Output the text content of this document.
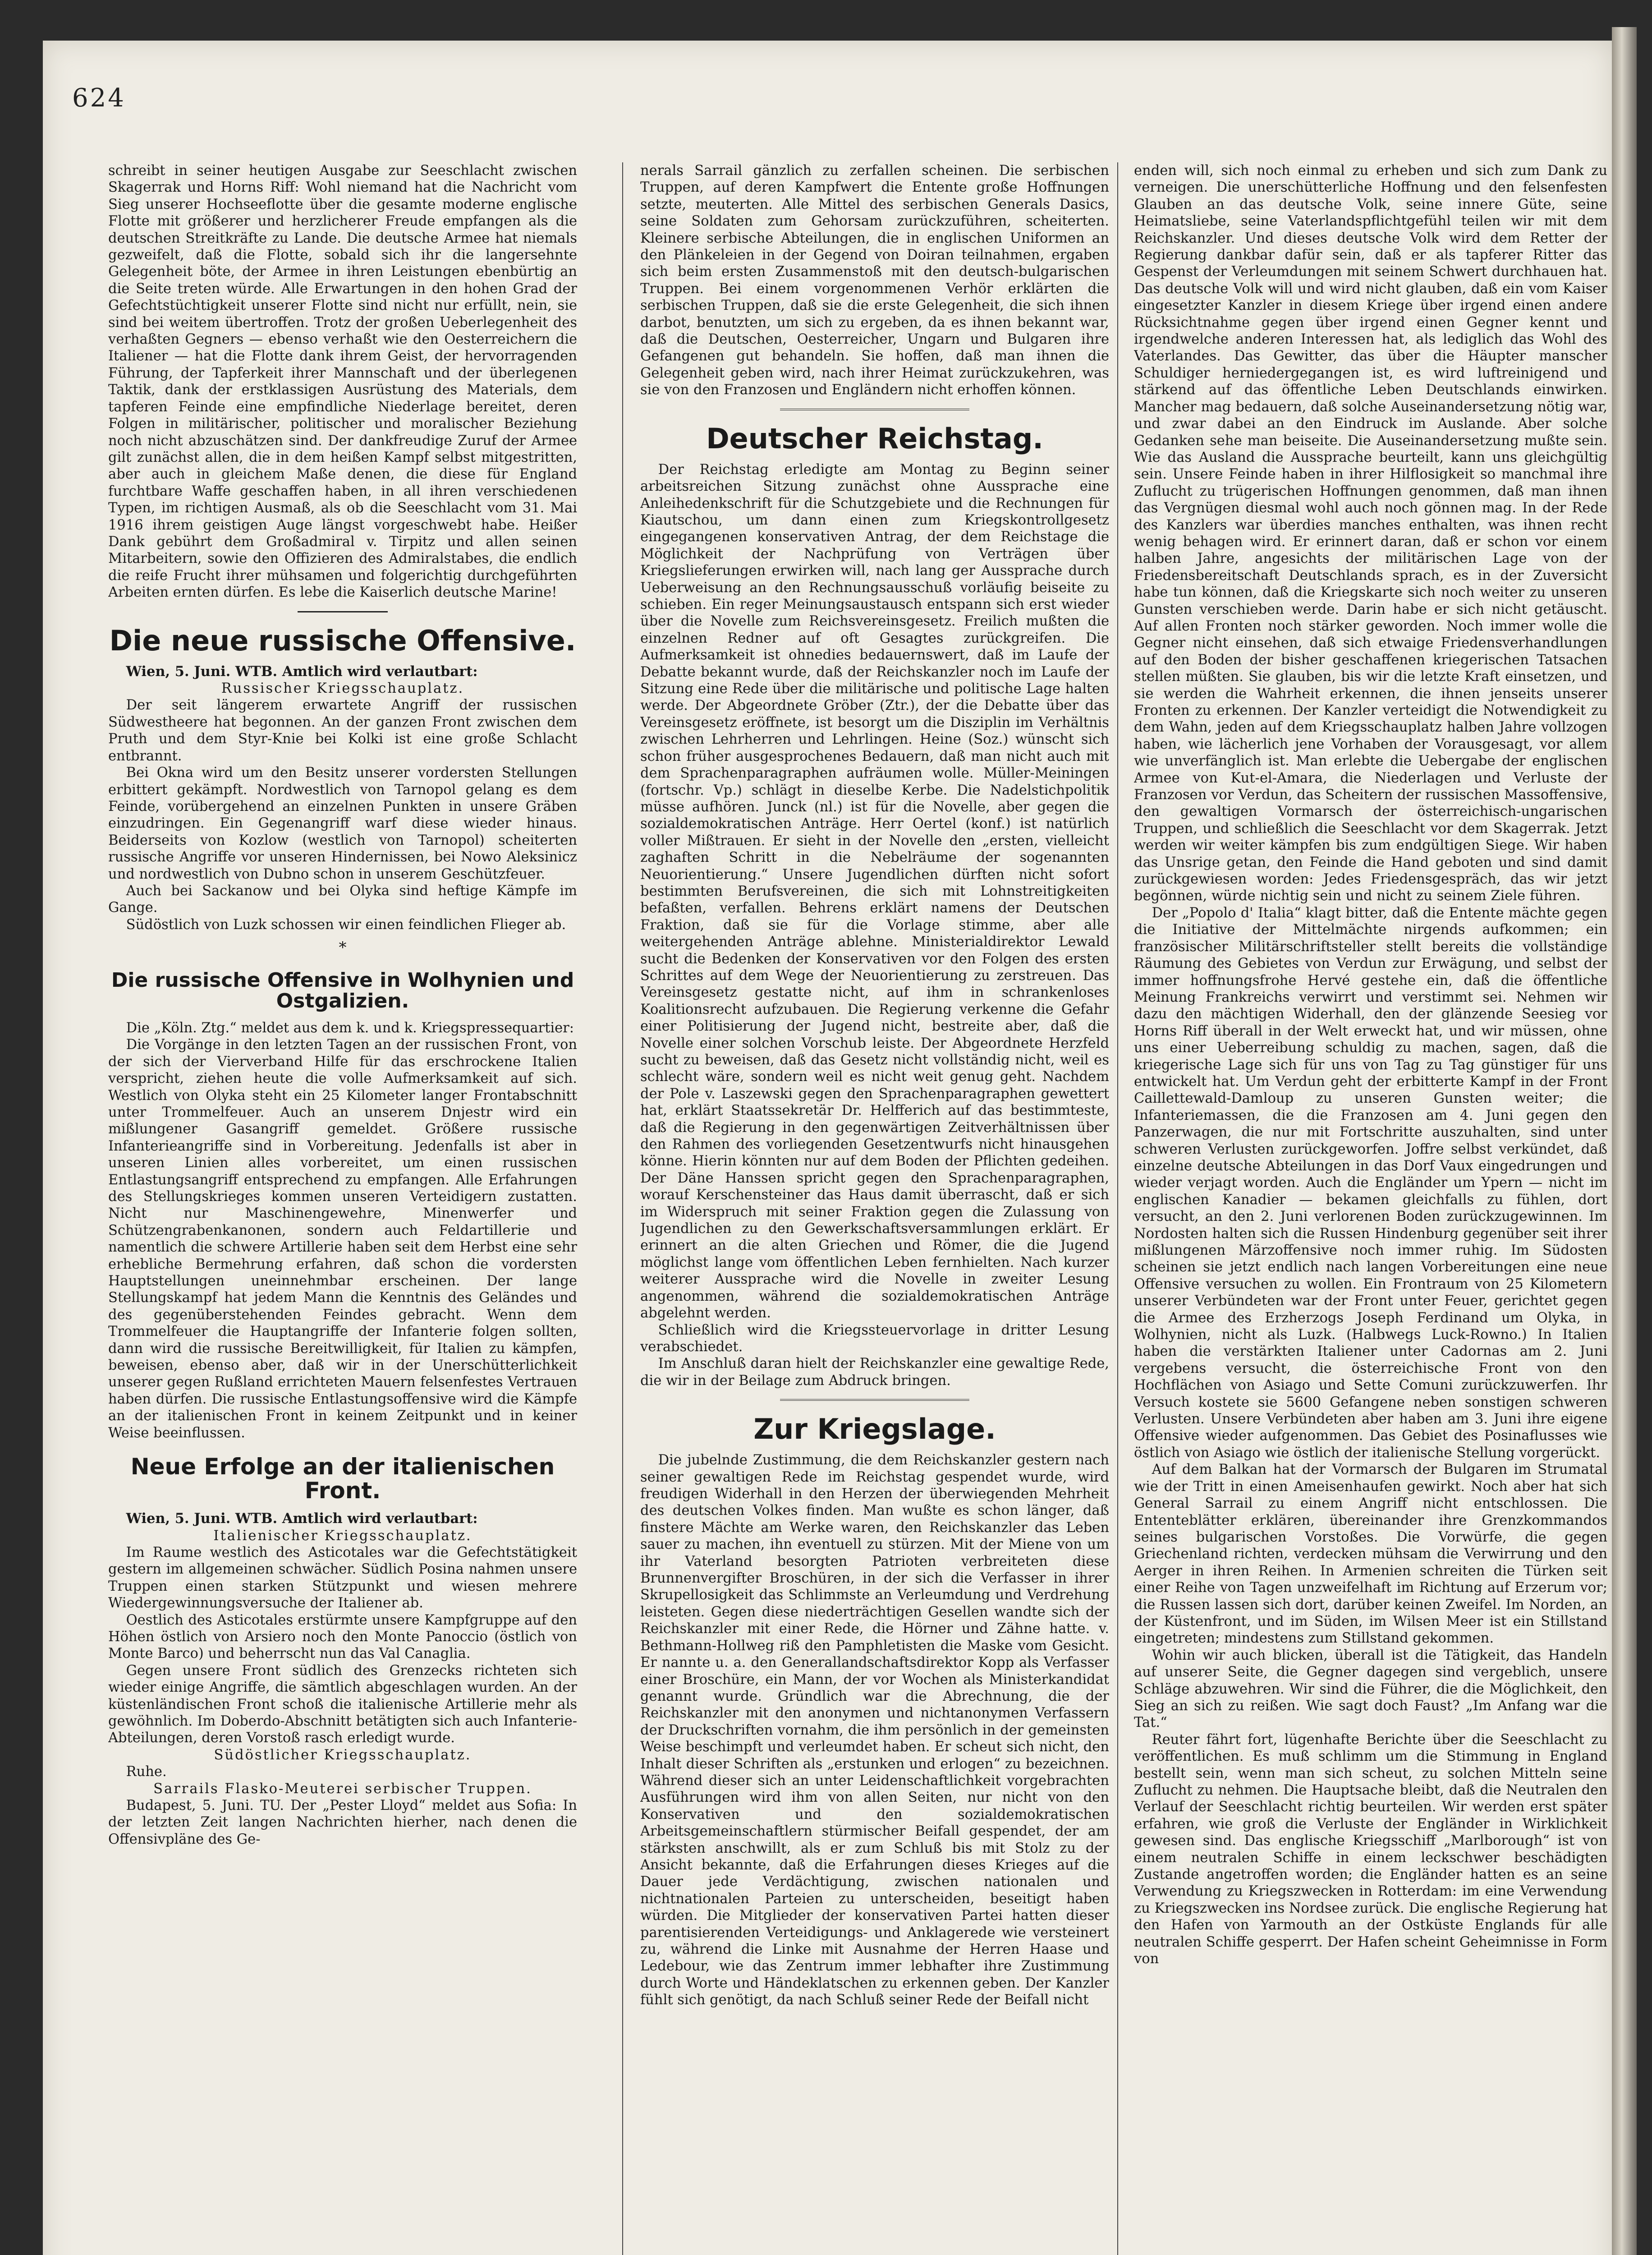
624

schreibt in seiner heutigen Ausgabe zur Seeschlacht zwischen Skagerrak und Horns Riff: Wohl niemand hat die Nachricht vom Sieg unserer Hochseeflotte über die gesamte moderne englische Flotte mit größerer und herzlicherer Freude empfangen als die deutschen Streitkräfte zu Lande. Die deutsche Armee hat niemals gezweifelt, daß die Flotte, sobald sich ihr die langersehnte Gelegenheit böte, der Armee in ihren Leistungen ebenbürtig an die Seite treten würde. Alle Erwartungen in den hohen Grad der Gefechtstüchtigkeit unserer Flotte sind nicht nur erfüllt, nein, sie sind bei weitem übertroffen. Trotz der großen Ueberlegenheit des verhaßten Gegners — ebenso verhaßt wie den Oesterreichern die Italiener — hat die Flotte dank ihrem Geist, der hervorragenden Führung, der Tapferkeit ihrer Mannschaft und der überlegenen Taktik, dank der erstklassigen Ausrüstung des Materials, dem tapferen Feinde eine empfindliche Niederlage bereitet, deren Folgen in militärischer, politischer und moralischer Beziehung noch nicht abzuschätzen sind. Der dankfreudige Zuruf der Armee gilt zunächst allen, die in dem heißen Kampf selbst mitgestritten, aber auch in gleichem Maße denen, die diese für England furchtbare Waffe geschaffen haben, in all ihren verschiedenen Typen, im richtigen Ausmaß, als ob die Seeschlacht vom 31. Mai 1916 ihrem geistigen Auge längst vorgeschwebt habe. Heißer Dank gebührt dem Großadmiral v. Tirpitz und allen seinen Mitarbeitern, sowie den Offizieren des Admiralstabes, die endlich die reife Frucht ihrer mühsamen und folgerichtig durchgeführten Arbeiten ernten dürfen. Es lebe die Kaiserlich deutsche Marine!

Die neue russische Offensive.

Wien, 5. Juni. WTB. Amtlich wird verlautbart:

Russischer Kriegsschauplatz.

Der seit längerem erwartete Angriff der russischen Südwestheere hat begonnen. An der ganzen Front zwischen dem Pruth und dem Styr-Knie bei Kolki ist eine große Schlacht entbrannt.

Bei Okna wird um den Besitz unserer vordersten Stellungen erbittert gekämpft. Nordwestlich von Tarnopol gelang es dem Feinde, vorübergehend an einzelnen Punkten in unsere Gräben einzudringen. Ein Gegenangriff warf diese wieder hinaus. Beiderseits von Kozlow (westlich von Tarnopol) scheiterten russische Angriffe vor unseren Hindernissen, bei Nowo Aleksinicz und nordwestlich von Dubno schon in unserem Geschützfeuer.

Auch bei Sackanow und bei Olyka sind heftige Kämpfe im Gange.

Südöstlich von Luzk schossen wir einen feindlichen Flieger ab.

*
Die russische Offensive in Wolhynien und Ostgalizien.

Die „Köln. Ztg.“ meldet aus dem k. und k. Kriegspressequartier:

Die Vorgänge in den letzten Tagen an der russischen Front, von der sich der Vierverband Hilfe für das erschrockene Italien verspricht, ziehen heute die volle Aufmerksamkeit auf sich. Westlich von Olyka steht ein 25 Kilometer langer Frontabschnitt unter Trommelfeuer. Auch an unserem Dnjestr wird ein mißlungener Gasangriff gemeldet. Größere russische Infanterieangriffe sind in Vorbereitung. Jedenfalls ist aber in unseren Linien alles vorbereitet, um einen russischen Entlastungsangriff entsprechend zu empfangen. Alle Erfahrungen des Stellungskrieges kommen unseren Verteidigern zustatten. Nicht nur Maschinengewehre, Minenwerfer und Schützengrabenkanonen, sondern auch Feldartillerie und namentlich die schwere Artillerie haben seit dem Herbst eine sehr erhebliche Bermehrung erfahren, daß schon die vordersten Hauptstellungen uneinnehmbar erscheinen. Der lange Stellungskampf hat jedem Mann die Kenntnis des Geländes und des gegenüberstehenden Feindes gebracht. Wenn dem Trommelfeuer die Hauptangriffe der Infanterie folgen sollten, dann wird die russische Bereitwilligkeit, für Italien zu kämpfen, beweisen, ebenso aber, daß wir in der Unerschütterlichkeit unserer gegen Rußland errichteten Mauern felsenfestes Vertrauen haben dürfen. Die russische Entlastungsoffensive wird die Kämpfe an der italienischen Front in keinem Zeitpunkt und in keiner Weise beeinflussen.

Neue Erfolge an der italienischen Front.

Wien, 5. Juni. WTB. Amtlich wird verlautbart:

Italienischer Kriegsschauplatz.

Im Raume westlich des Asticotales war die Gefechtstätigkeit gestern im allgemeinen schwächer. Südlich Posina nahmen unsere Truppen einen starken Stützpunkt und wiesen mehrere Wiedergewinnungsversuche der Italiener ab.

Oestlich des Asticotales erstürmte unsere Kampfgruppe auf den Höhen östlich von Arsiero noch den Monte Panoccio (östlich von Monte Barco) und beherrscht nun das Val Canaglia.

Gegen unsere Front südlich des Grenzecks richteten sich wieder einige Angriffe, die sämtlich abgeschlagen wurden. An der küstenländischen Front schoß die italienische Artillerie mehr als gewöhnlich. Im Doberdo-Abschnitt betätigten sich auch Infanterie-Abteilungen, deren Vorstoß rasch erledigt wurde.

Südöstlicher Kriegsschauplatz.

Ruhe.

Sarrails Flasko-Meuterei serbischer Truppen.

Budapest, 5. Juni. TU. Der „Pester Lloyd“ meldet aus Sofia: In der letzten Zeit langen Nachrichten hierher, nach denen die Offensivpläne des Ge-

nerals Sarrail gänzlich zu zerfallen scheinen. Die serbischen Truppen, auf deren Kampfwert die Entente große Hoffnungen setzte, meuterten. Alle Mittel des serbischen Generals Dasics, seine Soldaten zum Gehorsam zurückzuführen, scheiterten. Kleinere serbische Abteilungen, die in englischen Uniformen an den Plänkeleien in der Gegend von Doiran teilnahmen, ergaben sich beim ersten Zusammenstoß mit den deutsch-bulgarischen Truppen. Bei einem vorgenommenen Verhör erklärten die serbischen Truppen, daß sie die erste Gelegenheit, die sich ihnen darbot, benutzten, um sich zu ergeben, da es ihnen bekannt war, daß die Deutschen, Oesterreicher, Ungarn und Bulgaren ihre Gefangenen gut behandeln. Sie hoffen, daß man ihnen die Gelegenheit geben wird, nach ihrer Heimat zurückzukehren, was sie von den Franzosen und Engländern nicht erhoffen können.

Deutscher Reichstag.

Der Reichstag erledigte am Montag zu Beginn seiner arbeitsreichen Sitzung zunächst ohne Aussprache eine Anleihedenkschrift für die Schutzgebiete und die Rechnungen für Kiautschou, um dann einen zum Kriegskontrollgesetz eingegangenen konservativen Antrag, der dem Reichstage die Möglichkeit der Nachprüfung von Verträgen über Kriegslieferungen erwirken will, nach lang ger Aussprache durch Ueberweisung an den Rechnungsausschuß vorläufig beiseite zu schieben. Ein reger Meinungsaustausch entspann sich erst wieder über die Novelle zum Reichsvereinsgesetz. Freilich mußten die einzelnen Redner auf oft Gesagtes zurückgreifen. Die Aufmerksamkeit ist ohnedies bedauernswert, daß im Laufe der Debatte bekannt wurde, daß der Reichskanzler noch im Laufe der Sitzung eine Rede über die militärische und politische Lage halten werde. Der Abgeordnete Gröber (Ztr.), der die Debatte über das Vereinsgesetz eröffnete, ist besorgt um die Disziplin im Verhältnis zwischen Lehrherren und Lehrlingen. Heine (Soz.) wünscht sich schon früher ausgesprochenes Bedauern, daß man nicht auch mit dem Sprachenparagraphen aufräumen wolle. Müller-Meiningen (fortschr. Vp.) schlägt in dieselbe Kerbe. Die Nadelstichpolitik müsse aufhören. Junck (nl.) ist für die Novelle, aber gegen die sozialdemokratischen Anträge. Herr Oertel (konf.) ist natürlich voller Mißtrauen. Er sieht in der Novelle den „ersten, vielleicht zaghaften Schritt in die Nebelräume der sogenannten Neuorientierung.“ Unsere Jugendlichen dürften nicht sofort bestimmten Berufsvereinen, die sich mit Lohnstreitigkeiten befaßten, verfallen. Behrens erklärt namens der Deutschen Fraktion, daß sie für die Vorlage stimme, aber alle weitergehenden Anträge ablehne. Ministerialdirektor Lewald sucht die Bedenken der Konservativen vor den Folgen des ersten Schrittes auf dem Wege der Neuorientierung zu zerstreuen. Das Vereinsgesetz gestatte nicht, auf ihm in schrankenloses Koalitionsrecht aufzubauen. Die Regierung verkenne die Gefahr einer Politisierung der Jugend nicht, bestreite aber, daß die Novelle einer solchen Vorschub leiste. Der Abgeordnete Herzfeld sucht zu beweisen, daß das Gesetz nicht vollständig nicht, weil es schlecht wäre, sondern weil es nicht weit genug geht. Nachdem der Pole v. Laszewski gegen den Sprachenparagraphen gewettert hat, erklärt Staatssekretär Dr. Helfferich auf das bestimmteste, daß die Regierung in den gegenwärtigen Zeitverhältnissen über den Rahmen des vorliegenden Gesetzentwurfs nicht hinausgehen könne. Hierin könnten nur auf dem Boden der Pflichten gedeihen. Der Däne Hanssen spricht gegen den Sprachenparagraphen, worauf Kerschensteiner das Haus damit überrascht, daß er sich im Widerspruch mit seiner Fraktion gegen die Zulassung von Jugendlichen zu den Gewerkschaftsversammlungen erklärt. Er erinnert an die alten Griechen und Römer, die die Jugend möglichst lange vom öffentlichen Leben fernhielten. Nach kurzer weiterer Aussprache wird die Novelle in zweiter Lesung angenommen, während die sozialdemokratischen Anträge abgelehnt werden.

Schließlich wird die Kriegssteuervorlage in dritter Lesung verabschiedet.

Im Anschluß daran hielt der Reichskanzler eine gewaltige Rede, die wir in der Beilage zum Abdruck bringen.

Zur Kriegslage.

Die jubelnde Zustimmung, die dem Reichskanzler gestern nach seiner gewaltigen Rede im Reichstag gespendet wurde, wird freudigen Widerhall in den Herzen der überwiegenden Mehrheit des deutschen Volkes finden. Man wußte es schon länger, daß finstere Mächte am Werke waren, den Reichskanzler das Leben sauer zu machen, ihn eventuell zu stürzen. Mit der Miene von um ihr Vaterland besorgten Patrioten verbreiteten diese Brunnenvergifter Broschüren, in der sich die Verfasser in ihrer Skrupellosigkeit das Schlimmste an Verleumdung und Verdrehung leisteten. Gegen diese niederträchtigen Gesellen wandte sich der Reichskanzler mit einer Rede, die Hörner und Zähne hatte. v. Bethmann-Hollweg riß den Pamphletisten die Maske vom Gesicht. Er nannte u. a. den Generallandschaftsdirektor Kopp als Verfasser einer Broschüre, ein Mann, der vor Wochen als Ministerkandidat genannt wurde. Gründlich war die Abrechnung, die der Reichskanzler mit den anonymen und nichtanonymen Verfassern der Druckschriften vornahm, die ihm persönlich in der gemeinsten Weise beschimpft und verleumdet haben. Er scheut sich nicht, den Inhalt dieser Schriften als „erstunken und erlogen“ zu bezeichnen. Während dieser sich an unter Leidenschaftlichkeit vorgebrachten Ausführungen wird ihm von allen Seiten, nur nicht von den Konservativen und den sozialdemokratischen Arbeitsgemeinschaftlern stürmischer Beifall gespendet, der am stärksten anschwillt, als er zum Schluß bis mit Stolz zu der Ansicht bekannte, daß die Erfahrungen dieses Krieges auf die Dauer jede Verdächtigung, zwischen nationalen und nichtnationalen Parteien zu unterscheiden, beseitigt haben würden. Die Mitglieder der konservativen Partei hatten dieser parentisierenden Verteidigungs- und Anklagerede wie versteinert zu, während die Linke mit Ausnahme der Herren Haase und Ledebour, wie das Zentrum immer lebhafter ihre Zustimmung durch Worte und Händeklatschen zu erkennen geben. Der Kanzler fühlt sich genötigt, da nach Schluß seiner Rede der Beifall nicht

enden will, sich noch einmal zu erheben und sich zum Dank zu verneigen. Die unerschütterliche Hoffnung und den felsenfesten Glauben an das deutsche Volk, seine innere Güte, seine Heimatsliebe, seine Vaterlandspflichtgefühl teilen wir mit dem Reichskanzler. Und dieses deutsche Volk wird dem Retter der Regierung dankbar dafür sein, daß er als tapferer Ritter das Gespenst der Verleumdungen mit seinem Schwert durchhauen hat. Das deutsche Volk will und wird nicht glauben, daß ein vom Kaiser eingesetzter Kanzler in diesem Kriege über irgend einen andere Rücksichtnahme gegen über irgend einen Gegner kennt und irgendwelche anderen Interessen hat, als lediglich das Wohl des Vaterlandes. Das Gewitter, das über die Häupter manscher Schuldiger herniedergegangen ist, es wird luftreinigend und stärkend auf das öffentliche Leben Deutschlands einwirken. Mancher mag bedauern, daß solche Auseinandersetzung nötig war, und zwar dabei an den Eindruck im Auslande. Aber solche Gedanken sehe man beiseite. Die Auseinandersetzung mußte sein. Wie das Ausland die Aussprache beurteilt, kann uns gleichgültig sein. Unsere Feinde haben in ihrer Hilflosigkeit so manchmal ihre Zuflucht zu trügerischen Hoffnungen genommen, daß man ihnen das Vergnügen diesmal wohl auch noch gönnen mag. In der Rede des Kanzlers war überdies manches enthalten, was ihnen recht wenig behagen wird. Er erinnert daran, daß er schon vor einem halben Jahre, angesichts der militärischen Lage von der Friedensbereitschaft Deutschlands sprach, es in der Zuversicht habe tun können, daß die Kriegskarte sich noch weiter zu unseren Gunsten verschieben werde. Darin habe er sich nicht getäuscht. Auf allen Fronten noch stärker geworden. Noch immer wolle die Gegner nicht einsehen, daß sich etwaige Friedensverhandlungen auf den Boden der bisher geschaffenen kriegerischen Tatsachen stellen müßten. Sie glauben, bis wir die letzte Kraft einsetzen, und sie werden die Wahrheit erkennen, die ihnen jenseits unserer Fronten zu erkennen. Der Kanzler verteidigt die Notwendigkeit zu dem Wahn, jeden auf dem Kriegsschauplatz halben Jahre vollzogen haben, wie lächerlich jene Vorhaben der Vorausgesagt, vor allem wie unverfänglich ist. Man erlebte die Uebergabe der englischen Armee von Kut-el-Amara, die Niederlagen und Verluste der Franzosen vor Verdun, das Scheitern der russischen Massoffensive, den gewaltigen Vormarsch der österreichisch-ungarischen Truppen, und schließlich die Seeschlacht vor dem Skagerrak. Jetzt werden wir weiter kämpfen bis zum endgültigen Siege. Wir haben das Unsrige getan, den Feinde die Hand geboten und sind damit zurückgewiesen worden: Jedes Friedensgespräch, das wir jetzt begönnen, würde nichtig sein und nicht zu seinem Ziele führen.

Der „Popolo d' Italia“ klagt bitter, daß die Entente mächte gegen die Initiative der Mittelmächte nirgends aufkommen; ein französischer Militärschriftsteller stellt bereits die vollständige Räumung des Gebietes von Verdun zur Erwägung, und selbst der immer hoffnungsfrohe Hervé gestehe ein, daß die öffentliche Meinung Frankreichs verwirrt und verstimmt sei. Nehmen wir dazu den mächtigen Widerhall, den der glänzende Seesieg vor Horns Riff überall in der Welt erweckt hat, und wir müssen, ohne uns einer Ueberreibung schuldig zu machen, sagen, daß die kriegerische Lage sich für uns von Tag zu Tag günstiger für uns entwickelt hat. Um Verdun geht der erbitterte Kampf in der Front Caillettewald-Damloup zu unseren Gunsten weiter; die Infanteriemassen, die die Franzosen am 4. Juni gegen den Panzerwagen, die nur mit Fortschritte auszuhalten, sind unter schweren Verlusten zurückgeworfen. Joffre selbst verkündet, daß einzelne deutsche Abteilungen in das Dorf Vaux eingedrungen und wieder verjagt worden. Auch die Engländer um Ypern — nicht im englischen Kanadier — bekamen gleichfalls zu fühlen, dort versucht, an den 2. Juni verlorenen Boden zurückzugewinnen. Im Nordosten halten sich die Russen Hindenburg gegenüber seit ihrer mißlungenen Märzoffensive noch immer ruhig. Im Südosten scheinen sie jetzt endlich nach langen Vorbereitungen eine neue Offensive versuchen zu wollen. Ein Frontraum von 25 Kilometern unserer Verbündeten war der Front unter Feuer, gerichtet gegen die Armee des Erzherzogs Joseph Ferdinand um Olyka, in Wolhynien, nicht als Luzk. (Halbwegs Luck-Rowno.) In Italien haben die verstärkten Italiener unter Cadornas am 2. Juni vergebens versucht, die österreichische Front von den Hochflächen von Asiago und Sette Comuni zurückzuwerfen. Ihr Versuch kostete sie 5600 Gefangene neben sonstigen schweren Verlusten. Unsere Verbündeten aber haben am 3. Juni ihre eigene Offensive wieder aufgenommen. Das Gebiet des Posinaflusses wie östlich von Asiago wie östlich der italienische Stellung vorgerückt.

Auf dem Balkan hat der Vormarsch der Bulgaren im Strumatal wie der Tritt in einen Ameisenhaufen gewirkt. Noch aber hat sich General Sarrail zu einem Angriff nicht entschlossen. Die Ententeblätter erklären, übereinander ihre Grenzkommandos seines bulgarischen Vorstoßes. Die Vorwürfe, die gegen Griechenland richten, verdecken mühsam die Verwirrung und den Aerger in ihren Reihen. In Armenien schreiten die Türken seit einer Reihe von Tagen unzweifelhaft im Richtung auf Erzerum vor; die Russen lassen sich dort, darüber keinen Zweifel. Im Norden, an der Küstenfront, und im Süden, im Wilsen Meer ist ein Stillstand eingetreten; mindestens zum Stillstand gekommen.

Wohin wir auch blicken, überall ist die Tätigkeit, das Handeln auf unserer Seite, die Gegner dagegen sind vergeblich, unsere Schläge abzuwehren. Wir sind die Führer, die die Möglichkeit, den Sieg an sich zu reißen. Wie sagt doch Faust? „Im Anfang war die Tat.“

Reuter fährt fort, lügenhafte Berichte über die Seeschlacht zu veröffentlichen. Es muß schlimm um die Stimmung in England bestellt sein, wenn man sich scheut, zu solchen Mitteln seine Zuflucht zu nehmen. Die Hauptsache bleibt, daß die Neutralen den Verlauf der Seeschlacht richtig beurteilen. Wir werden erst später erfahren, wie groß die Verluste der Engländer in Wirklichkeit gewesen sind. Das englische Kriegsschiff „Marlborough“ ist von einem neutralen Schiffe in einem leckschwer beschädigten Zustande angetroffen worden; die Engländer hatten es an seine Verwendung zu Kriegszwecken in Rotterdam: im eine Verwendung zu Kriegszwecken ins Nordsee zurück. Die englische Regierung hat den Hafen von Yarmouth an der Ostküste Englands für alle neutralen Schiffe gesperrt. Der Hafen scheint Geheimnisse in Form von
